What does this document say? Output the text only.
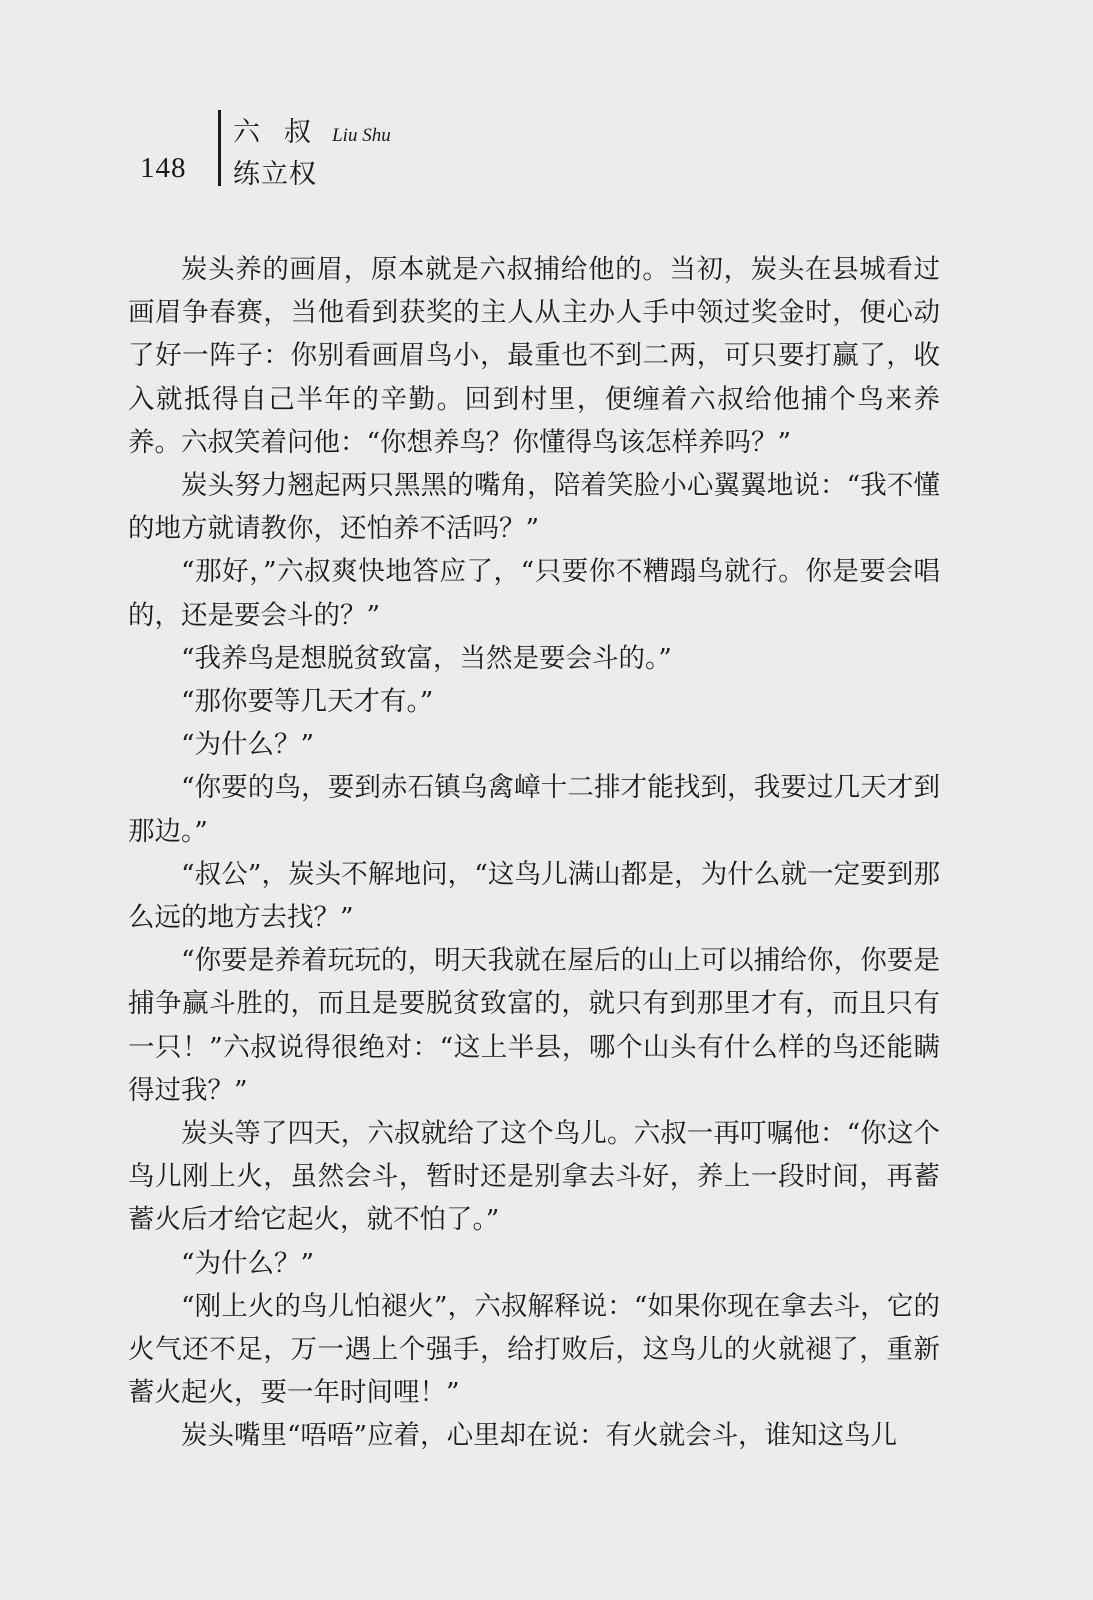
148
六叔 Liu Shu
练立权

炭头养的画眉，原本就是六叔捕给他的。当初，炭头在县城看过画眉争春赛，当他看到获奖的主人从主办人手中领过奖金时，便心动了好一阵子：你别看画眉鸟小，最重也不到二两，可只要打赢了，收入就抵得自己半年的辛勤。回到村里，便缠着六叔给他捕个鸟来养养。六叔笑着问他：“你想养鸟？你懂得鸟该怎样养吗？”

炭头努力翘起两只黑黑的嘴角，陪着笑脸小心翼翼地说：“我不懂的地方就请教你，还怕养不活吗？”

“那好，”六叔爽快地答应了，“只要你不糟蹋鸟就行。你是要会唱的，还是要会斗的？”

“我养鸟是想脱贫致富，当然是要会斗的。”

“那你要等几天才有。”

“为什么？”

“你要的鸟，要到赤石镇乌禽嶂十二排才能找到，我要过几天才到那边。”

“叔公”，炭头不解地问，“这鸟儿满山都是，为什么就一定要到那么远的地方去找？”

“你要是养着玩玩的，明天我就在屋后的山上可以捕给你，你要是捕争赢斗胜的，而且是要脱贫致富的，就只有到那里才有，而且只有一只！”六叔说得很绝对：“这上半县，哪个山头有什么样的鸟还能瞒得过我？”

炭头等了四天，六叔就给了这个鸟儿。六叔一再叮嘱他：“你这个鸟儿刚上火，虽然会斗，暂时还是别拿去斗好，养上一段时间，再蓄蓄火后才给它起火，就不怕了。”

“为什么？”

“刚上火的鸟儿怕褪火”，六叔解释说：“如果你现在拿去斗，它的火气还不足，万一遇上个强手，给打败后，这鸟儿的火就褪了，重新蓄火起火，要一年时间哩！”

炭头嘴里“唔唔”应着，心里却在说：有火就会斗，谁知这鸟儿
